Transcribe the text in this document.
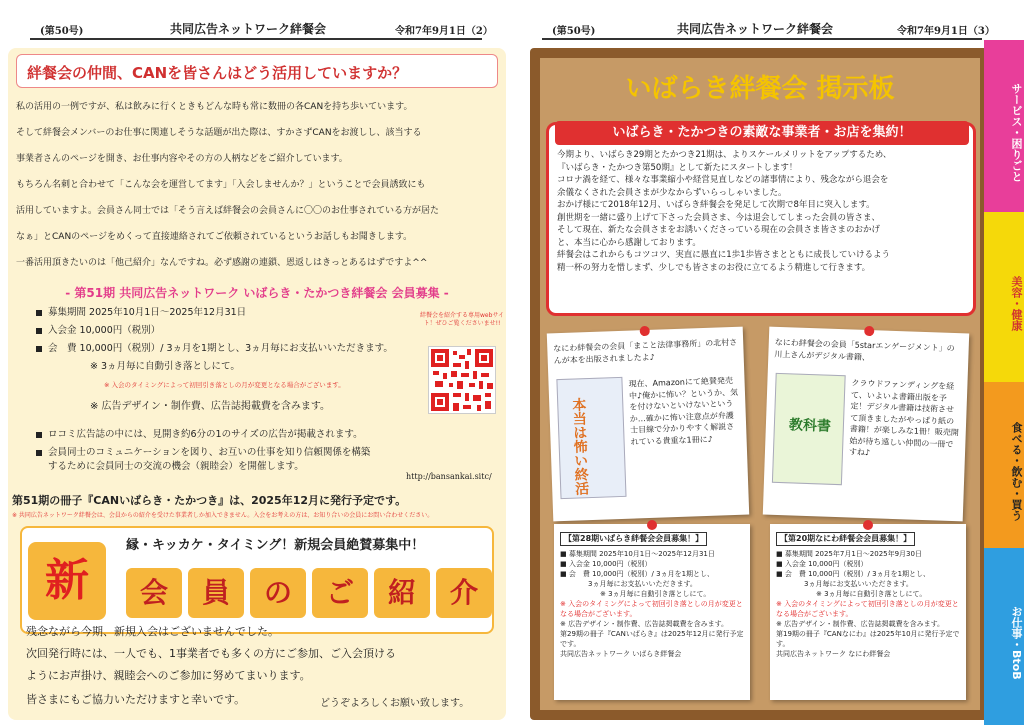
(第50号)	共同広告ネットワーク絆餐会	令和7年9月1日（2）
絆餐会の仲間、CANを皆さんはどう活用していますか？
私の活用の一例ですが、私は飲みに行くときもどんな時も常に数冊の各CANを持ち歩いています。
そして絆餐会メンバーのお仕事に関連しそうな話題が出た際は、すかさずCANをお渡しし、該当する
事業者さんのページを開き、お仕事内容やその方の人柄などをご紹介しています。
もちろん名刺と合わせて「こんな会を運営してます」「入会しませんか？」ということで会員誘致にも
活用していますよ。会員さん同士では「そう言えば絆餐会の会員さんに〇〇のお仕事されている方が居た
なぁ」とCANのページをめくって直接連絡されてご依頼されているというお話しもお聞きします。
一番活用頂きたいのは「他己紹介」なんですね。必ず感謝の連鎖、恩返しはきっとあるはずですよ^^
- 第51期 共同広告ネットワーク いばらき・たかつき絆餐会 会員募集 -
募集期間 2025年10月1日～2025年12月31日
入会金 10,000円（税別）
会　費 10,000円（税別）/ 3ヵ月を1期とし、3ヵ月毎にお支払いいただきます。
※ 3ヵ月毎に自動引き落としにて。
※ 入会のタイミングによって初回引き落としの月が変更となる場合がございます。
※ 広告デザイン・制作費、広告誌掲載費を含みます。
ロコミ広告誌の中には、見開き約6分の1のサイズの広告が掲載されます。
会員同士のコミュニケーションを図り、お互いの仕事を知り信頼関係を構築
するために会員同士の交流の機会（親睦会）を開催します。
絆餐会を紹介する専用webサイト！ぜひご覧くださいませ!!
http://bansankai.sitc/
第51期の冊子『CANいばらき・たかつき』は、2025年12月に発行予定です。
※ 共同広告ネットワーク絆餐会は、会員からの紹介を受けた事業者しか加入できません。入会をお考えの方は、お知り合いの会員にお問い合わせください。
新
縁・キッカケ・タイミング！新規会員絶賛募集中！
会	員	の	ご	紹	介
残念ながら今期、新規入会はございませんでした。
次回発行時には、一人でも、1事業者でも多くの方にご参加、ご入会頂ける
ようにお声掛け、親睦会へのご参加に努めてまいります。
皆さまにもご協力いただけますと幸いです。	どうぞよろしくお願い致します。
(第50号)	共同広告ネットワーク絆餐会	令和7年9月1日（3）
いばらき絆餐会 掲示板
いばらき・たかつきの素敵な事業者・お店を集約！
今期より、いばらき29期とたかつき21期は、よりスケールメリットをアップするため、
『いばらき・たかつき第50期』として新たにスタートします！
コロナ渦を経て、様々な事業縮小や経営見直しなどの諸事情により、残念ながら退会を
余儀なくされた会員さまが少なからずいらっしゃいました。
おかげ様にて2018年12月、いばらき絆餐会を発足して次期で8年目に突入します。
創世期を一緒に盛り上げて下さった会員さま、今は退会してしまった会員の皆さま、
そして現在、新たな会員さまをお誘いくださっている現在の会員さま皆さまのおかげ
と、本当に心から感謝しております。
絆餐会はこれからもコツコツ、実直に愚直に1歩1歩皆さまとともに成長していけるよう
精一杯の努力を惜しまず、少しでも皆さまのお役に立てるよう精進して行きます。
なにわ絆餐会の会員「まこと法律事務所」の北村さんが本を出版されましたよ♪
本当は怖い終活
現在、Amazonにて絶賛発売中♪俺かに怖い？というか、気を付けないといけないというか…確かに怖い注意点が弁護士目線で分かりやすく解説されている貴重な1冊に♪
なにわ絆餐会の会員「5starエンゲージメント」の川上さんがデジタル書籍、
教科書
クラウドファンディングを経て、いよいよ書籍出版を予定！デジタル書籍は技術させて頂きましたがやっぱり紙の書籍！が楽しみな1冊！販売開始が待ち遠しい仲間の一冊ですね♪
【第28期いばらき絆餐会会員募集！】
■ 募集期間 2025年10月1日～2025年12月31日
■ 入会金 10,000円（税別）
■ 会　費 10,000円（税別）/ 3ヵ月を1期とし、
3ヵ月毎にお支払いいただきます。
※ 3ヵ月毎に自動引き落としにて。
※ 入会のタイミングによって初回引き落としの月が変更となる場合がございます。
※ 広告デザイン・制作費、広告誌掲載費を含みます。
第29期の冊子『CANいばらき』は2025年12月に発行予定です。
共同広告ネットワーク いばらき絆餐会
【第20期なにわ絆餐会会員募集！】
■ 募集期間 2025年7月1日～2025年9月30日
■ 入会金 10,000円（税別）
■ 会　費 10,000円（税別）/ 3ヵ月を1期とし、
3ヵ月毎にお支払いいただきます。
※ 3ヵ月毎に自動引き落としにて。
※ 入会のタイミングによって初回引き落としの月が変更となる場合がございます。
※ 広告デザイン・制作費、広告誌掲載費を含みます。
第19期の冊子『CANなにわ』は2025年10月に発行予定です。
共同広告ネットワーク なにわ絆餐会
サービス・困りごと
美容・健康
食べる・飲む・買う
お仕事・BtoB
